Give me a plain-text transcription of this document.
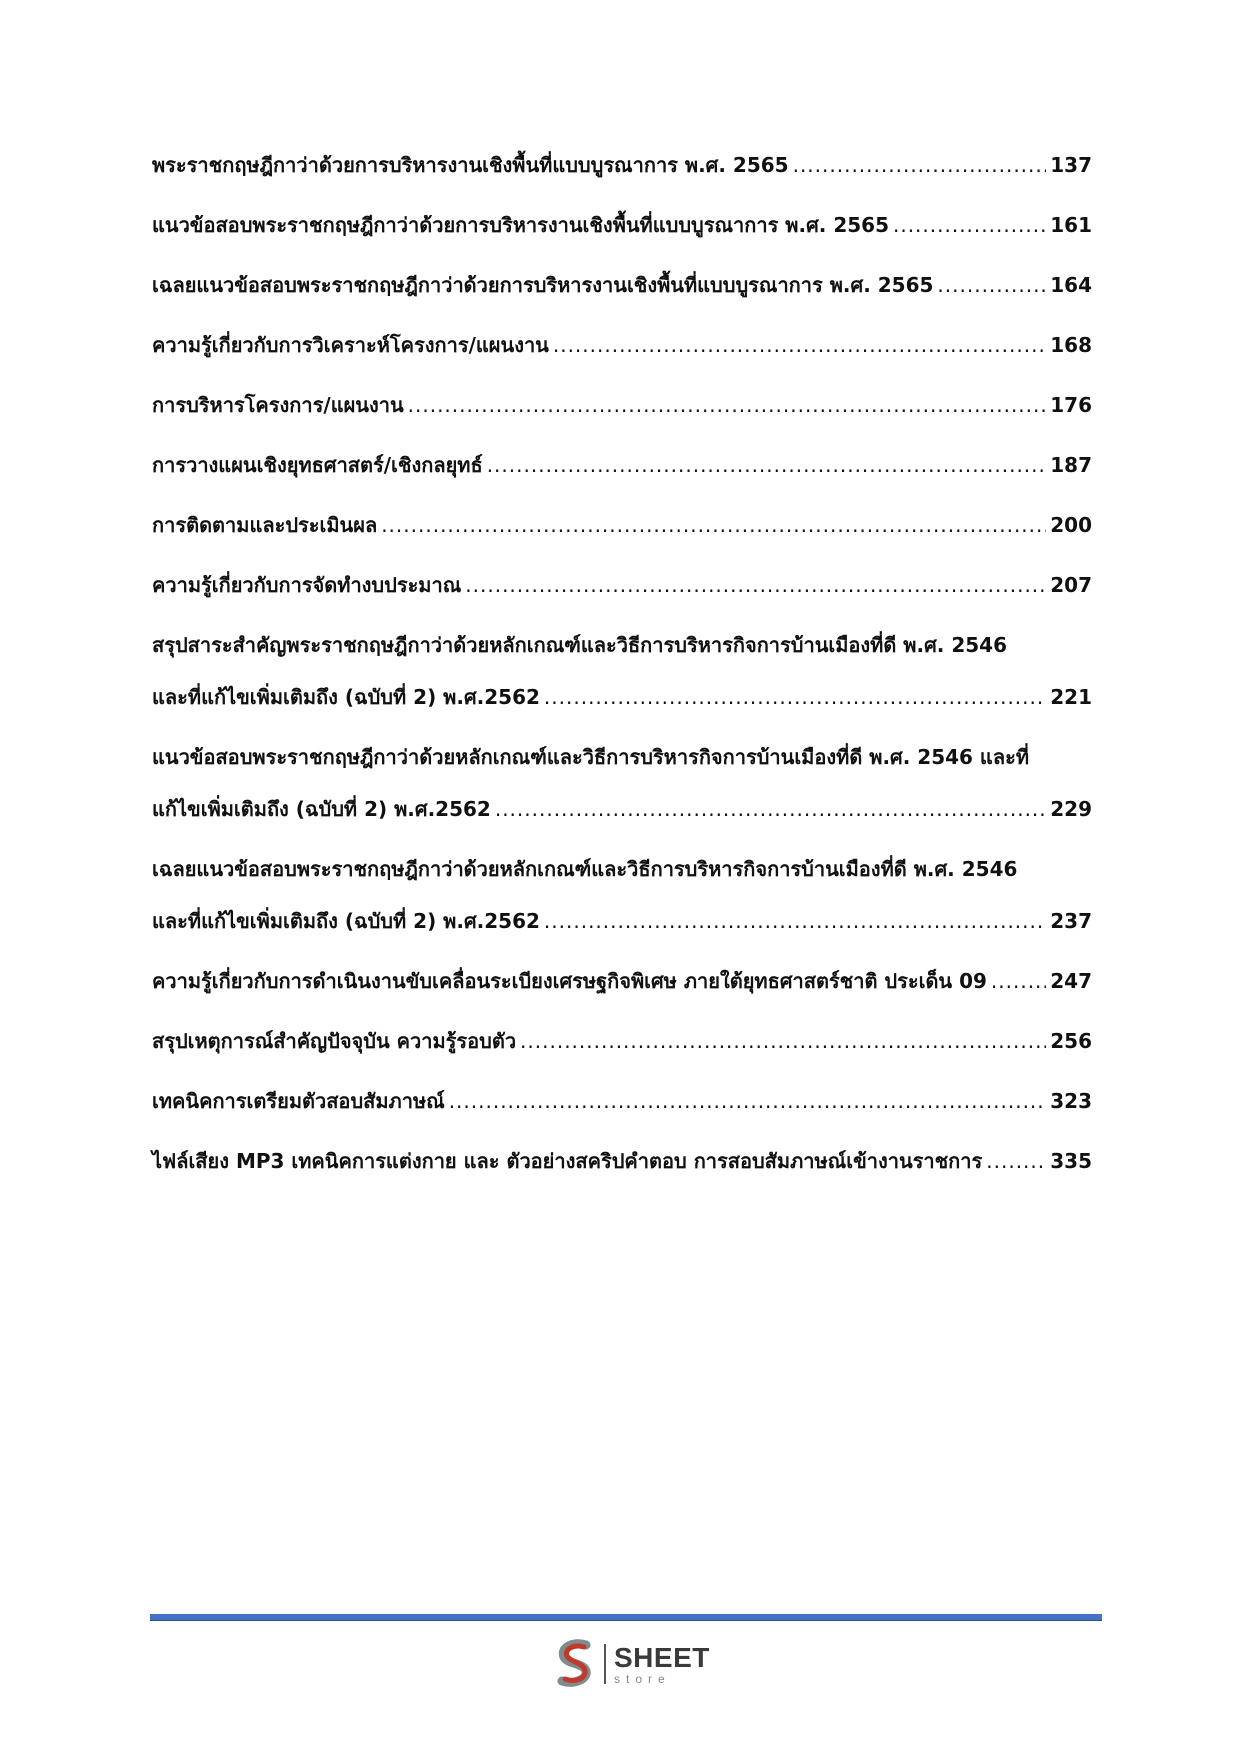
พระราชกฤษฎีกาว่าด้วยการบริหารงานเชิงพื้นที่แบบบูรณาการ พ.ศ. 2565 .....	137
แนวข้อสอบพระราชกฤษฎีกาว่าด้วยการบริหารงานเชิงพื้นที่แบบบูรณาการ พ.ศ. 2565 .....	161
เฉลยแนวข้อสอบพระราชกฤษฎีกาว่าด้วยการบริหารงานเชิงพื้นที่แบบบูรณาการ พ.ศ. 2565 .....	164
ความรู้เกี่ยวกับการวิเคราะห์โครงการ/แผนงาน .....	168
การบริหารโครงการ/แผนงาน .....	176
การวางแผนเชิงยุทธศาสตร์/เชิงกลยุทธ์ .....	187
การติดตามและประเมินผล .....	200
ความรู้เกี่ยวกับการจัดทำงบประมาณ .....	207
สรุปสาระสำคัญพระราชกฤษฎีกาว่าด้วยหลักเกณฑ์และวิธีการบริหารกิจการบ้านเมืองที่ดี พ.ศ. 2546
และที่แก้ไขเพิ่มเติมถึง (ฉบับที่ 2) พ.ศ.2562 .....	221
แนวข้อสอบพระราชกฤษฎีกาว่าด้วยหลักเกณฑ์และวิธีการบริหารกิจการบ้านเมืองที่ดี พ.ศ. 2546 และที่
แก้ไขเพิ่มเติมถึง (ฉบับที่ 2) พ.ศ.2562 .....	229
เฉลยแนวข้อสอบพระราชกฤษฎีกาว่าด้วยหลักเกณฑ์และวิธีการบริหารกิจการบ้านเมืองที่ดี พ.ศ. 2546
และที่แก้ไขเพิ่มเติมถึง (ฉบับที่ 2) พ.ศ.2562 .....	237
ความรู้เกี่ยวกับการดำเนินงานขับเคลื่อนระเบียงเศรษฐกิจพิเศษ ภายใต้ยุทธศาสตร์ชาติ ประเด็น 09 .....	247
สรุปเหตุการณ์สำคัญปัจจุบัน ความรู้รอบตัว .....	256
เทคนิคการเตรียมตัวสอบสัมภาษณ์ .....	323
ไฟล์เสียง MP3 เทคนิคการแต่งกาย และ ตัวอย่างสคริปคำตอบ การสอบสัมภาษณ์เข้างานราชการ .....	335
SHEET
store
